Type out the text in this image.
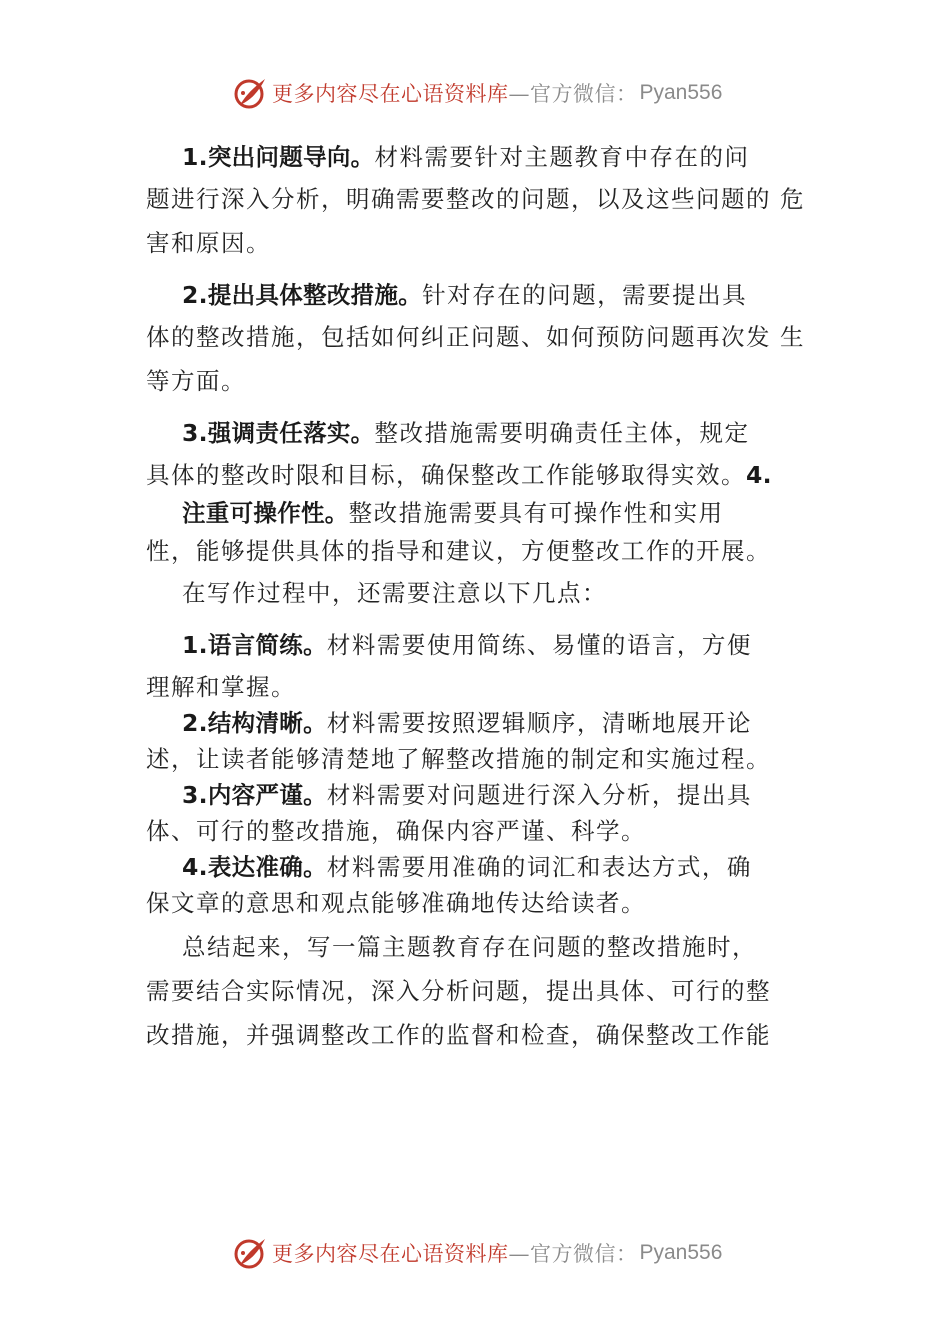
更多内容尽在心语资料库 —官方微信： Pyan556
1.突出问题导向。材料需要针对主题教育中存在的问
题进行深入分析，明确需要整改的问题，以及这些问题的 危
害和原因。
2.提出具体整改措施。针对存在的问题，需要提出具
体的整改措施，包括如何纠正问题、如何预防问题再次发 生
等方面。
3.强调责任落实。整改措施需要明确责任主体，规定
具体的整改时限和目标，确保整改工作能够取得实效。4.
注重可操作性。整改措施需要具有可操作性和实用
性，能够提供具体的指导和建议，方便整改工作的开展。
在写作过程中，还需要注意以下几点：
1.语言简练。材料需要使用简练、易懂的语言，方便
理解和掌握。
2.结构清晰。材料需要按照逻辑顺序，清晰地展开论
述，让读者能够清楚地了解整改措施的制定和实施过程。
3.内容严谨。材料需要对问题进行深入分析，提出具
体、可行的整改措施，确保内容严谨、科学。
4.表达准确。材料需要用准确的词汇和表达方式，确
保文章的意思和观点能够准确地传达给读者。
总结起来，写一篇主题教育存在问题的整改措施时，
需要结合实际情况，深入分析问题，提出具体、可行的整
改措施，并强调整改工作的监督和检查，确保整改工作能
更多内容尽在心语资料库 —官方微信： Pyan556
